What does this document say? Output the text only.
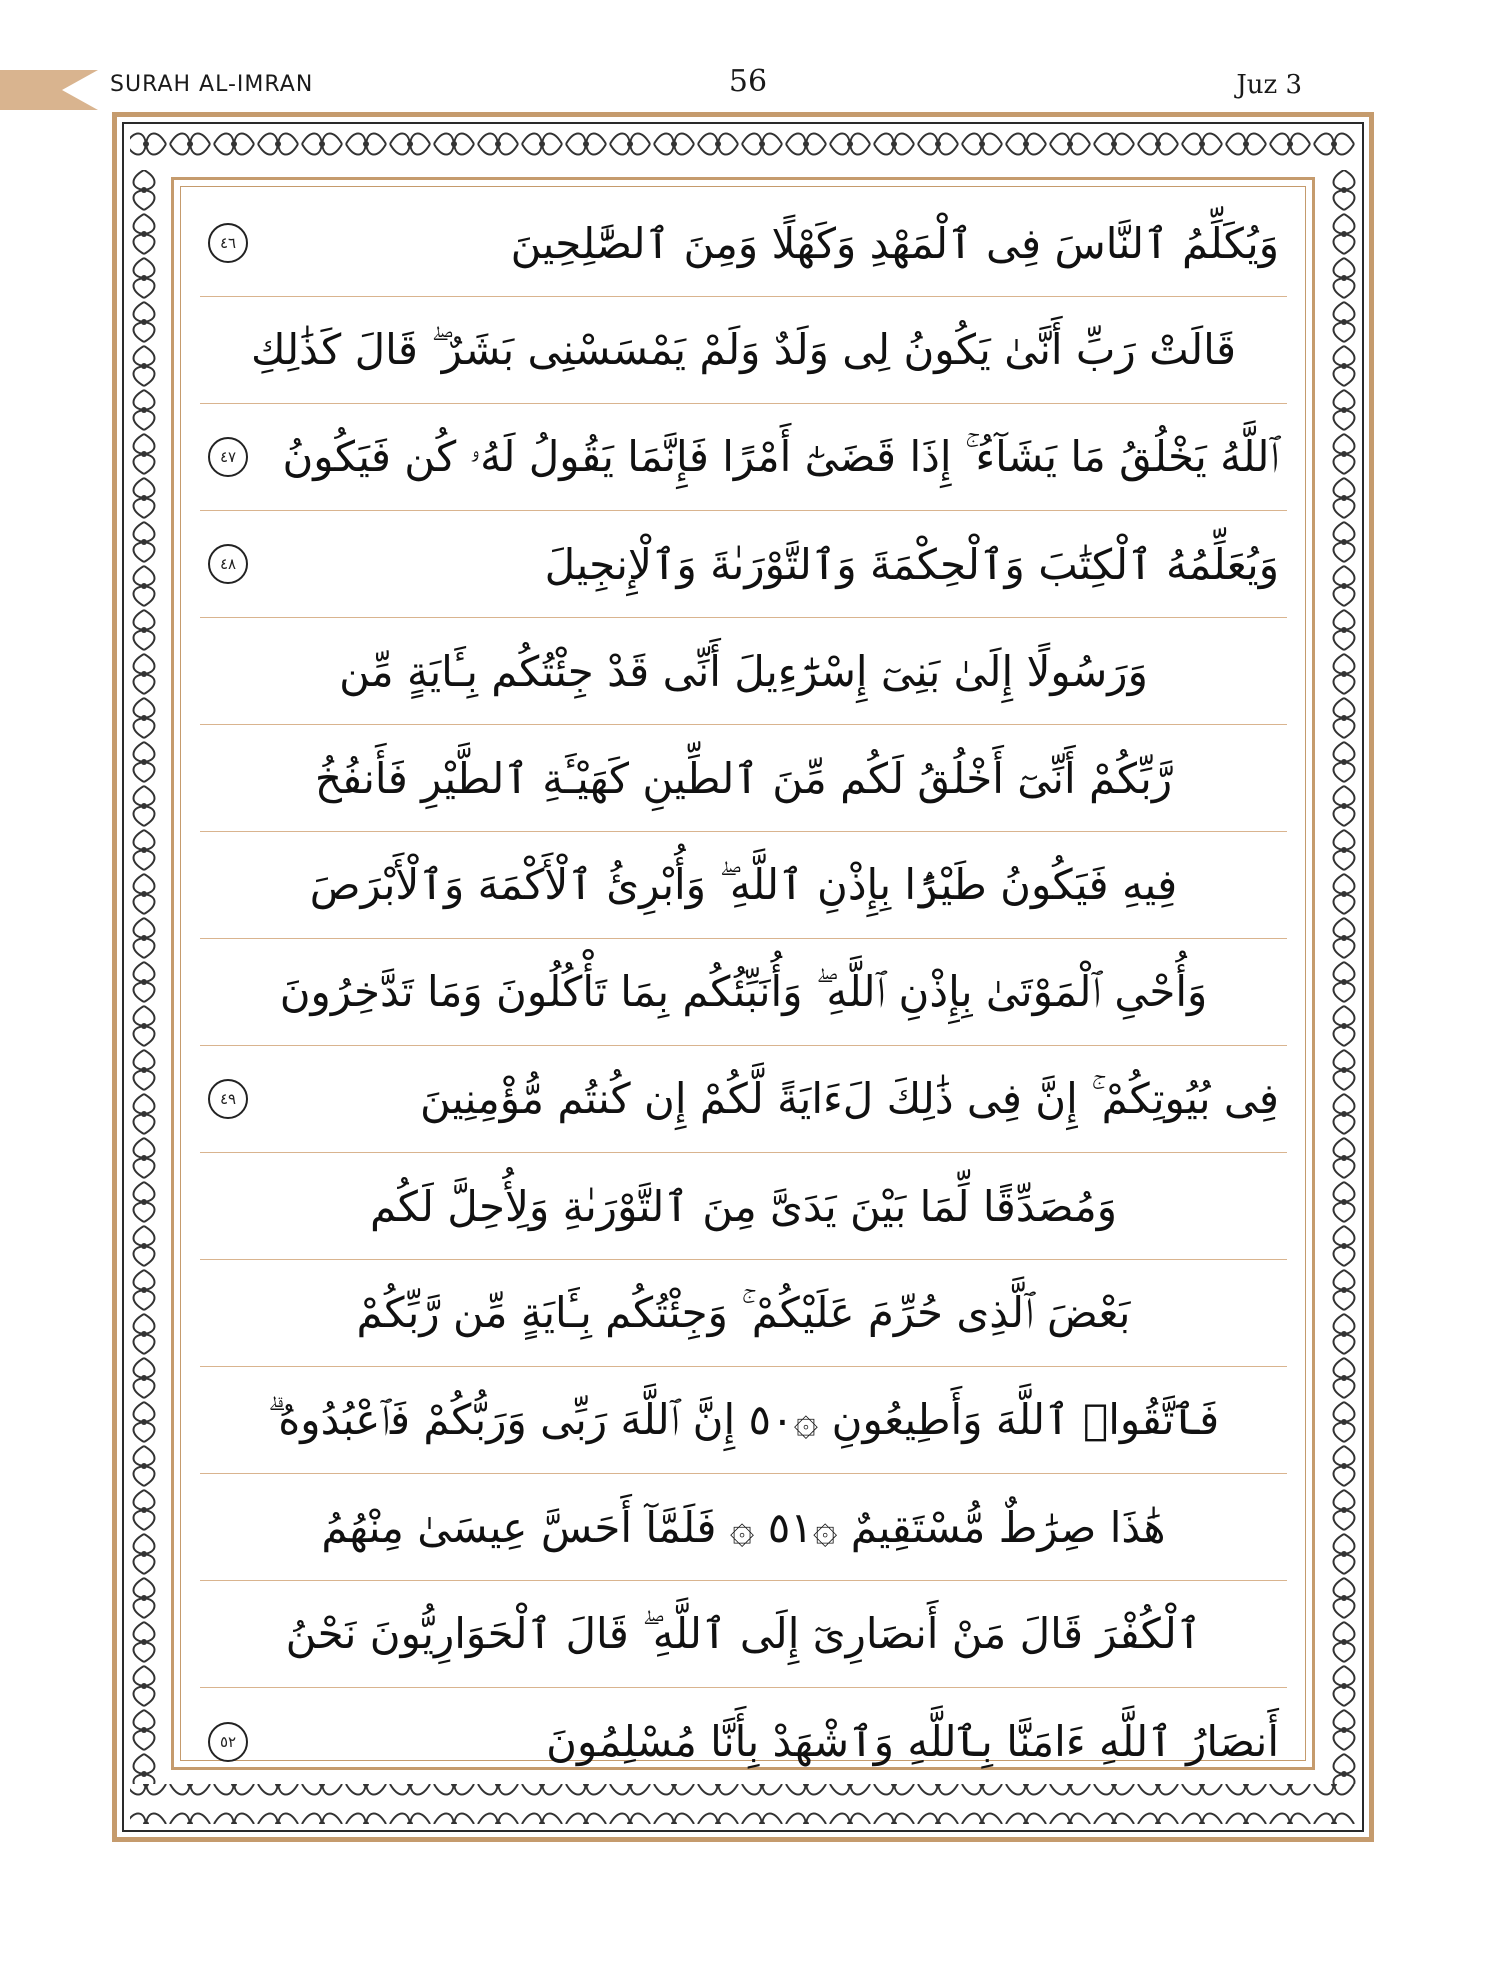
SURAH AL-IMRAN	56	Juz 3
٤٦	وَيُكَلِّمُ ٱلنَّاسَ فِى ٱلْمَهْدِ وَكَهْلًا وَمِنَ ٱلصَّٰلِحِينَ
قَالَتْ رَبِّ أَنَّىٰ يَكُونُ لِى وَلَدٌ وَلَمْ يَمْسَسْنِى بَشَرٌ ۖ قَالَ كَذَٰلِكِ
٤٧ ٱللَّهُ يَخْلُقُ مَا يَشَآءُ ۚ إِذَا قَضَىٰٓ أَمْرًا فَإِنَّمَا يَقُولُ لَهُۥ كُن فَيَكُونُ
٤٨	وَيُعَلِّمُهُ ٱلْكِتَٰبَ وَٱلْحِكْمَةَ وَٱلتَّوْرَىٰةَ وَٱلْإِنجِيلَ
وَرَسُولًا إِلَىٰ بَنِىٓ إِسْرَٰٓءِيلَ أَنِّى قَدْ جِئْتُكُم بِـَٔايَةٍ مِّن
رَّبِّكُمْ أَنِّىٓ أَخْلُقُ لَكُم مِّنَ ٱلطِّينِ كَهَيْـَٔةِ ٱلطَّيْرِ فَأَنفُخُ
فِيهِ فَيَكُونُ طَيْرًۢا بِإِذْنِ ٱللَّهِ ۖ وَأُبْرِئُ ٱلْأَكْمَهَ وَٱلْأَبْرَصَ
وَأُحْىِ ٱلْمَوْتَىٰ بِإِذْنِ ٱللَّهِ ۖ وَأُنَبِّئُكُم بِمَا تَأْكُلُونَ وَمَا تَدَّخِرُونَ
٤٩	فِى بُيُوتِكُمْ ۚ إِنَّ فِى ذَٰلِكَ لَءَايَةً لَّكُمْ إِن كُنتُم مُّؤْمِنِينَ
وَمُصَدِّقًا لِّمَا بَيْنَ يَدَىَّ مِنَ ٱلتَّوْرَىٰةِ وَلِأُحِلَّ لَكُم
بَعْضَ ٱلَّذِى حُرِّمَ عَلَيْكُمْ ۚ وَجِئْتُكُم بِـَٔايَةٍ مِّن رَّبِّكُمْ
فَٱتَّقُوا۟ ٱللَّهَ وَأَطِيعُونِ ۞٥٠ إِنَّ ٱللَّهَ رَبِّى وَرَبُّكُمْ فَٱعْبُدُوهُ ۗ
هَٰذَا صِرَٰطٌ مُّسْتَقِيمٌ ۞٥١ ۞ فَلَمَّآ أَحَسَّ عِيسَىٰ مِنْهُمُ
ٱلْكُفْرَ قَالَ مَنْ أَنصَارِىٓ إِلَى ٱللَّهِ ۖ قَالَ ٱلْحَوَارِيُّونَ نَحْنُ
٥٢	أَنصَارُ ٱللَّهِ ءَامَنَّا بِٱللَّهِ وَٱشْهَدْ بِأَنَّا مُسْلِمُونَ
